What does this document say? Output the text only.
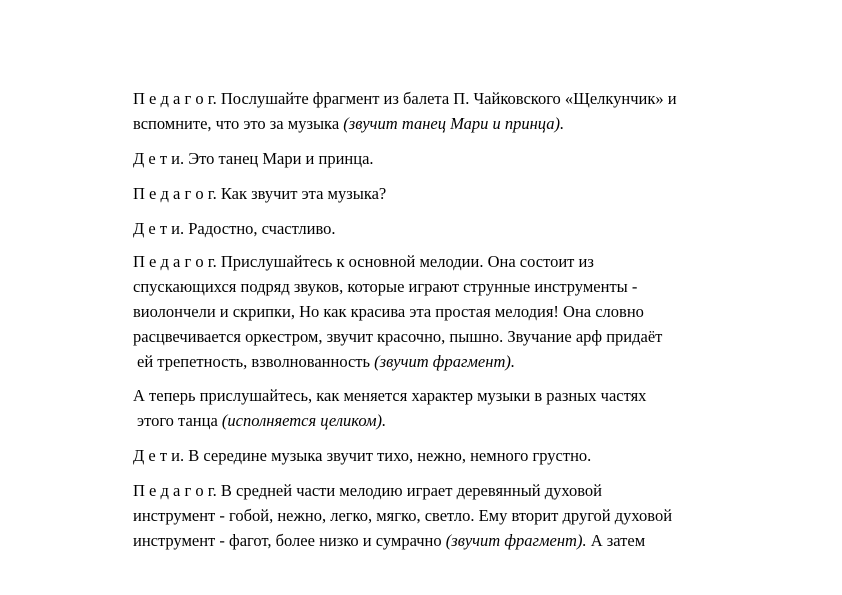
П е д а г о г. Послушайте фрагмент из балета П. Чайковского «Щелкунчик» и
вспомните, что это за музыка (звучит танец Мари и принца).
Д е т и. Это танец Мари и принца.
П е д а г о г. Как звучит эта музыка?
Д е т и. Радостно, счастливо.
П е д а г о г. Прислушайтесь к основной мелодии. Она состоит из
спускающихся подряд звуков, которые играют струнные инструменты -
виолончели и скрипки, Но как красива эта простая мелодия! Она словно
расцвечивается оркестром, звучит красочно, пышно. Звучание арф придаёт
ей трепетность, взволнованность (звучит фрагмент).
А теперь прислушайтесь, как меняется характер музыки в разных частях
этого танца (исполняется целиком).
Д е т и. В середине музыка звучит тихо, нежно, немного грустно.
П е д а г о г. В средней части мелодию играет деревянный духовой
инструмент - гобой, нежно, легко, мягко, светло. Ему вторит другой духовой
инструмент - фагот, более низко и сумрачно (звучит фрагмент). А затем
